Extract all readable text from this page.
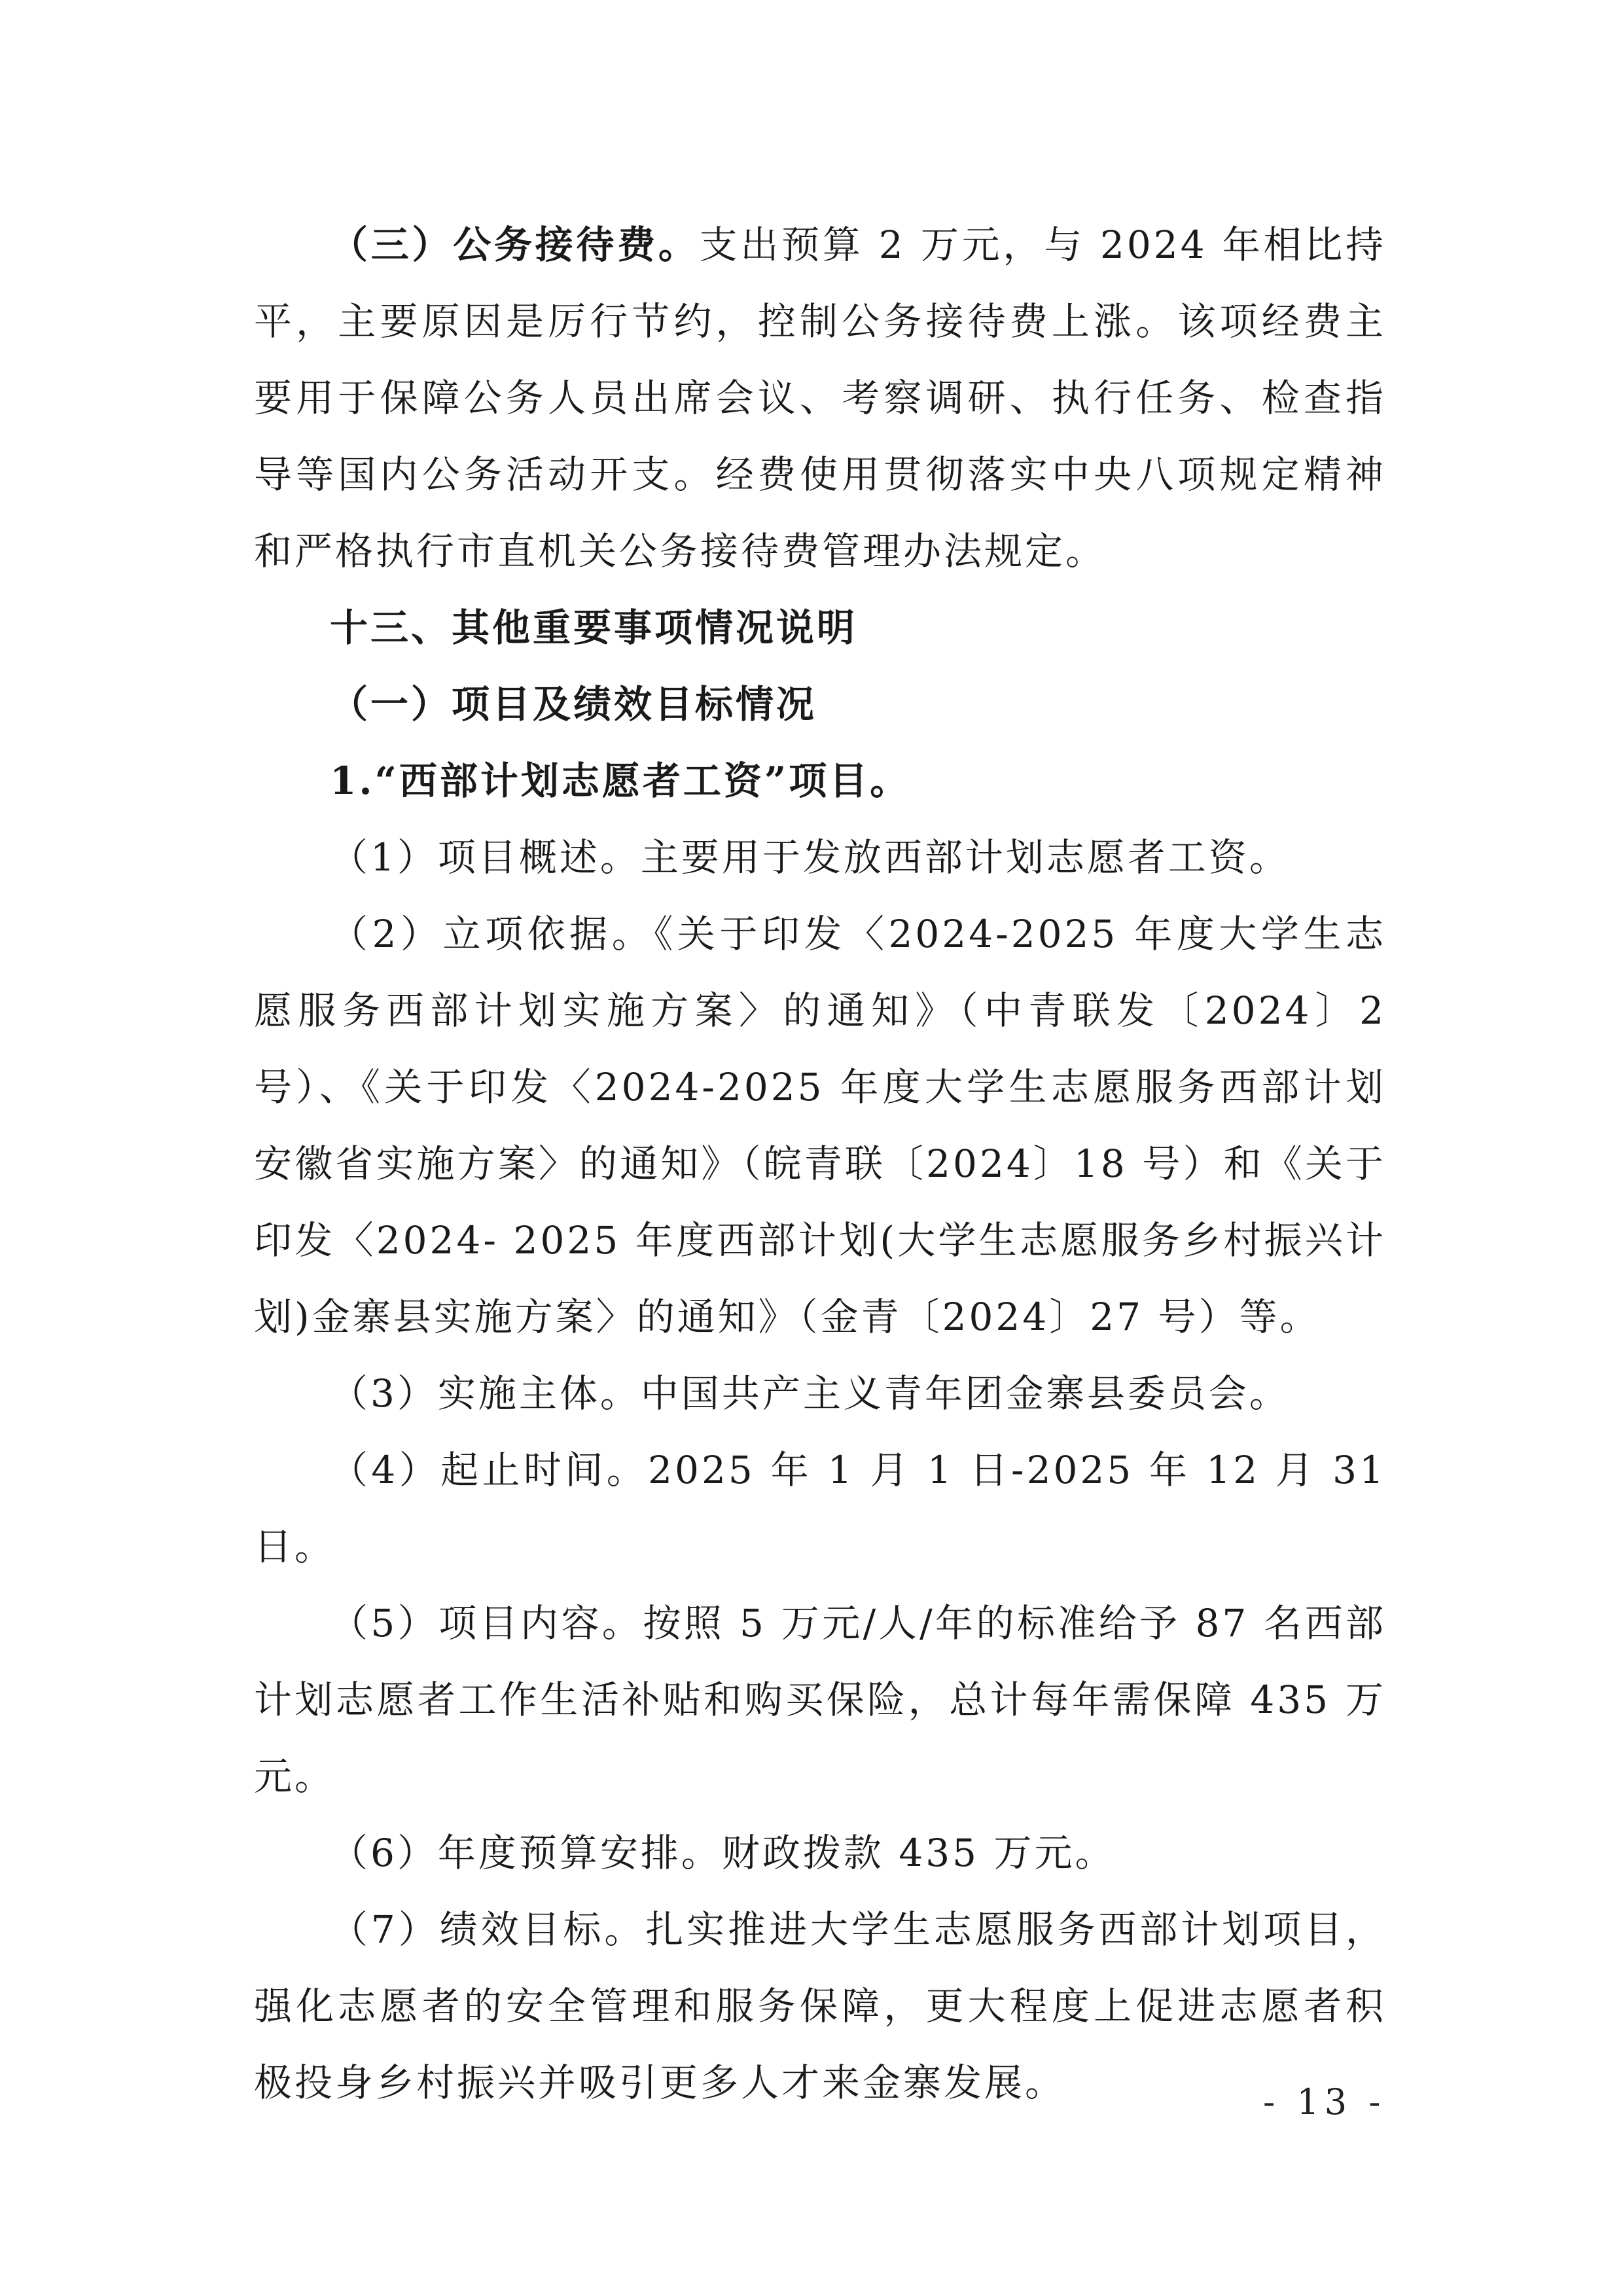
（三）公务接待费。支出预算 2 万元，与 2024 年相比持平，主要原因是厉行节约，控制公务接待费上涨。该项经费主要用于保障公务人员出席会议、考察调研、执行任务、检查指导等国内公务活动开支。经费使用贯彻落实中央八项规定精神和严格执行市直机关公务接待费管理办法规定。

十三、其他重要事项情况说明

（一）项目及绩效目标情况

1.“西部计划志愿者工资”项目。

（1）项目概述。主要用于发放西部计划志愿者工资。

（2）立项依据。《关于印发〈2024-2025 年度大学生志愿服务西部计划实施方案〉的通知》（中青联发〔2024〕2 号）、《关于印发〈2024-2025 年度大学生志愿服务西部计划安徽省实施方案〉的通知》（皖青联〔2024〕18 号）和《关于印发〈2024- 2025 年度西部计划(大学生志愿服务乡村振兴计划)金寨县实施方案〉的通知》（金青〔2024〕27 号）等。

（3）实施主体。中国共产主义青年团金寨县委员会。

（4）起止时间。2025 年 1 月 1 日-2025 年 12 月 31 日。

（5）项目内容。按照 5 万元/人/年的标准给予 87 名西部计划志愿者工作生活补贴和购买保险，总计每年需保障 435 万元。

（6）年度预算安排。财政拨款 435 万元。

（7）绩效目标。扎实推进大学生志愿服务西部计划项目，强化志愿者的安全管理和服务保障，更大程度上促进志愿者积极投身乡村振兴并吸引更多人才来金寨发展。	- 13 -
